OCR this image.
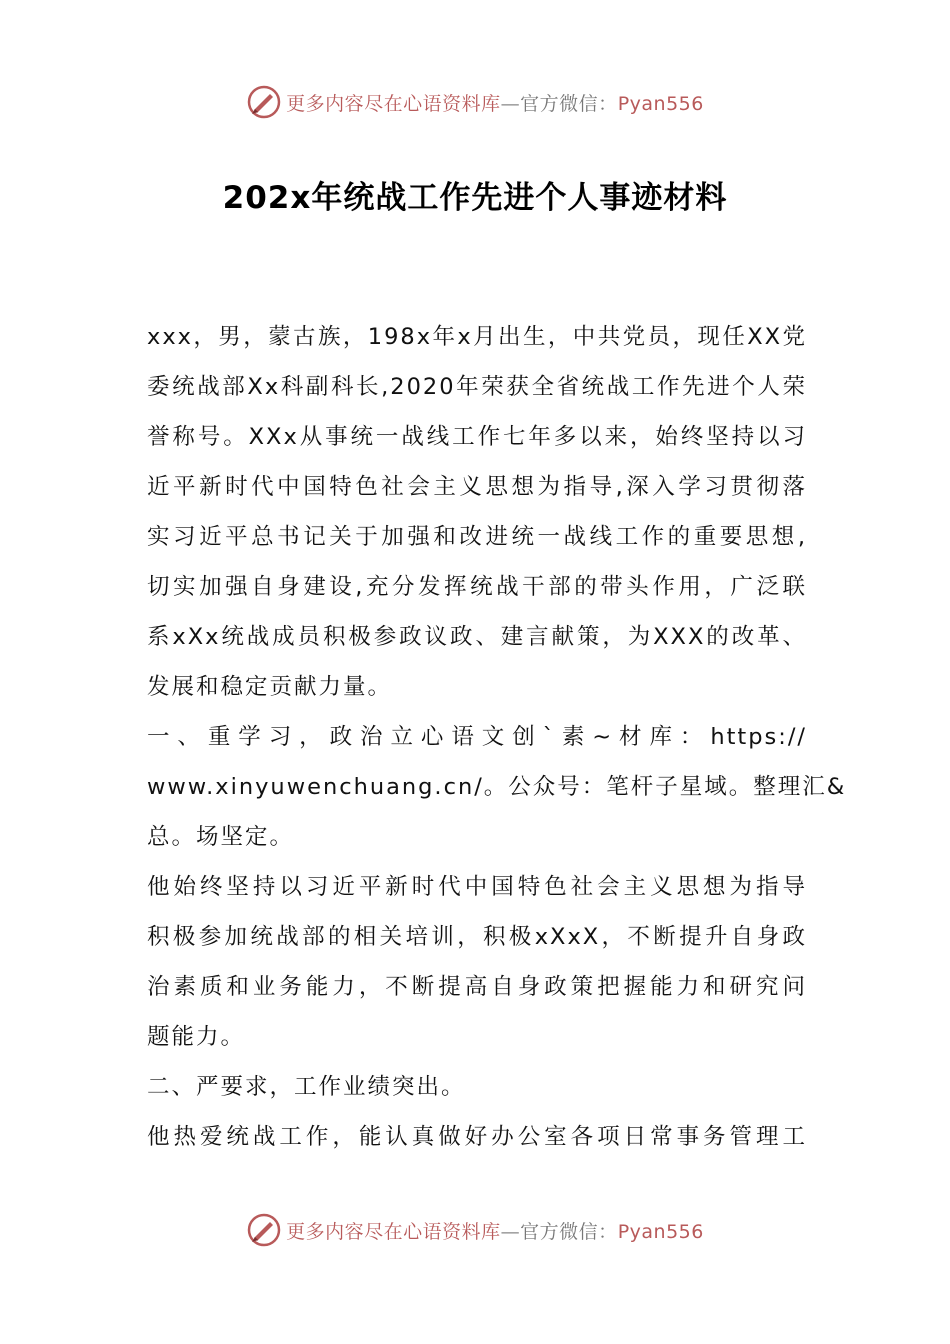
更多内容尽在心语资料库—官方微信：Pyan556
202x年统战工作先进个人事迹材料
xxx，男，蒙古族，198x年x月出生，中共党员，现任XX党
委统战部Xx科副科长,2020年荣获全省统战工作先进个人荣
誉称号。XXx从事统一战线工作七年多以来，始终坚持以习
近平新时代中国特色社会主义思想为指导,深入学习贯彻落
实习近平总书记关于加强和改进统一战线工作的重要思想,
切实加强自身建设,充分发挥统战干部的带头作用，广泛联
系xXx统战成员积极参政议政、建言献策，为XXX的改革、
发展和稳定贡献力量。
一、重学习，政治立心语文创`素~材库：https://
www.xinyuwenchuang.cn/。公众号：笔杆子星域。整理汇&
总。场坚定。
他始终坚持以习近平新时代中国特色社会主义思想为指导
积极参加统战部的相关培训，积极xXxX，不断提升自身政
治素质和业务能力，不断提高自身政策把握能力和研究问
题能力。
二、严要求，工作业绩突出。
他热爱统战工作，能认真做好办公室各项日常事务管理工
更多内容尽在心语资料库—官方微信：Pyan556
